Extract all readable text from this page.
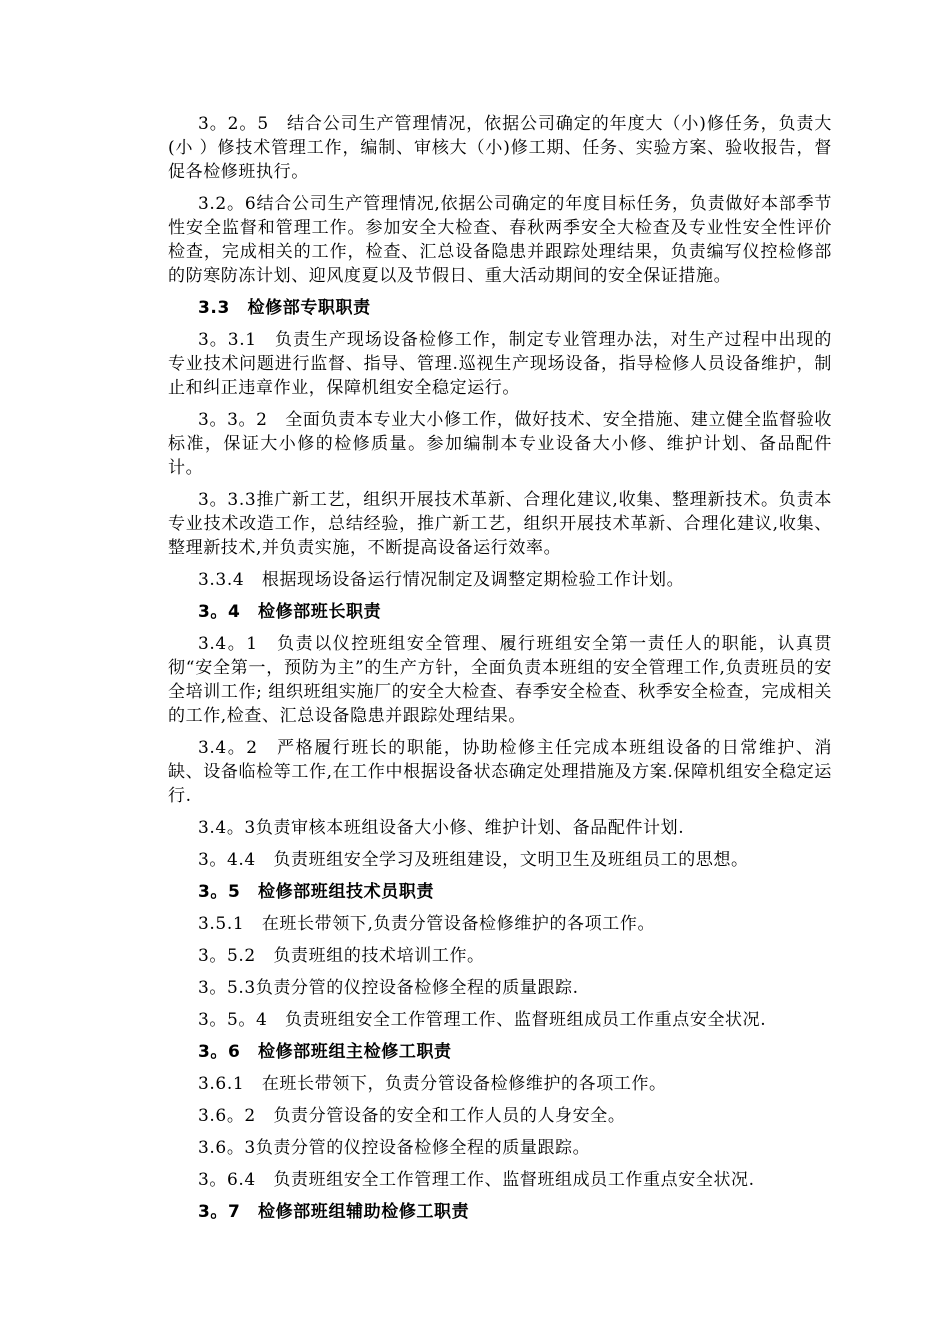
3。2。5　结合公司生产管理情况，依据公司确定的年度大（小)修任务，负责大(小 ）修技术管理工作，编制、审核大（小)修工期、任务、实验方案、验收报告，督促各检修班执行。

3.2。6结合公司生产管理情况,依据公司确定的年度目标任务，负责做好本部季节性安全监督和管理工作。参加安全大检查、春秋两季安全大检查及专业性安全性评价检查，完成相关的工作，检查、汇总设备隐患并跟踪处理结果，负责编写仪控检修部的防寒防冻计划、迎风度夏以及节假日、重大活动期间的安全保证措施。

3.3　检修部专职职责

3。3.1　负责生产现场设备检修工作，制定专业管理办法，对生产过程中出现的专业技术问题进行监督、指导、管理.巡视生产现场设备，指导检修人员设备维护，制止和纠正违章作业，保障机组安全稳定运行。

3。3。2　全面负责本专业大小修工作，做好技术、安全措施、建立健全监督验收标准，保证大小修的检修质量。参加编制本专业设备大小修、维护计划、备品配件计。

3。3.3推广新工艺，组织开展技术革新、合理化建议,收集、整理新技术。负责本专业技术改造工作，总结经验，推广新工艺，组织开展技术革新、合理化建议,收集、整理新技术,并负责实施，不断提高设备运行效率。

3.3.4　根据现场设备运行情况制定及调整定期检验工作计划。

3。4　检修部班长职责

3.4。1　负责以仪控班组安全管理、履行班组安全第一责任人的职能，认真贯彻“安全第一，预防为主”的生产方针，全面负责本班组的安全管理工作,负责班员的安全培训工作; 组织班组实施厂的安全大检查、春季安全检查、秋季安全检查，完成相关的工作,检查、汇总设备隐患并跟踪处理结果。

3.4。2　严格履行班长的职能，协助检修主任完成本班组设备的日常维护、消缺、设备临检等工作,在工作中根据设备状态确定处理措施及方案.保障机组安全稳定运行.

3.4。3负责审核本班组设备大小修、维护计划、备品配件计划.

3。4.4　负责班组安全学习及班组建设，文明卫生及班组员工的思想。

3。5　检修部班组技术员职责

3.5.1　在班长带领下,负责分管设备检修维护的各项工作。

3。5.2　负责班组的技术培训工作。

3。5.3负责分管的仪控设备检修全程的质量跟踪.

3。5。4　负责班组安全工作管理工作、监督班组成员工作重点安全状况.

3。6　检修部班组主检修工职责

3.6.1　在班长带领下，负责分管设备检修维护的各项工作。

3.6。2　负责分管设备的安全和工作人员的人身安全。

3.6。3负责分管的仪控设备检修全程的质量跟踪。

3。6.4　负责班组安全工作管理工作、监督班组成员工作重点安全状况.

3。7　检修部班组辅助检修工职责
